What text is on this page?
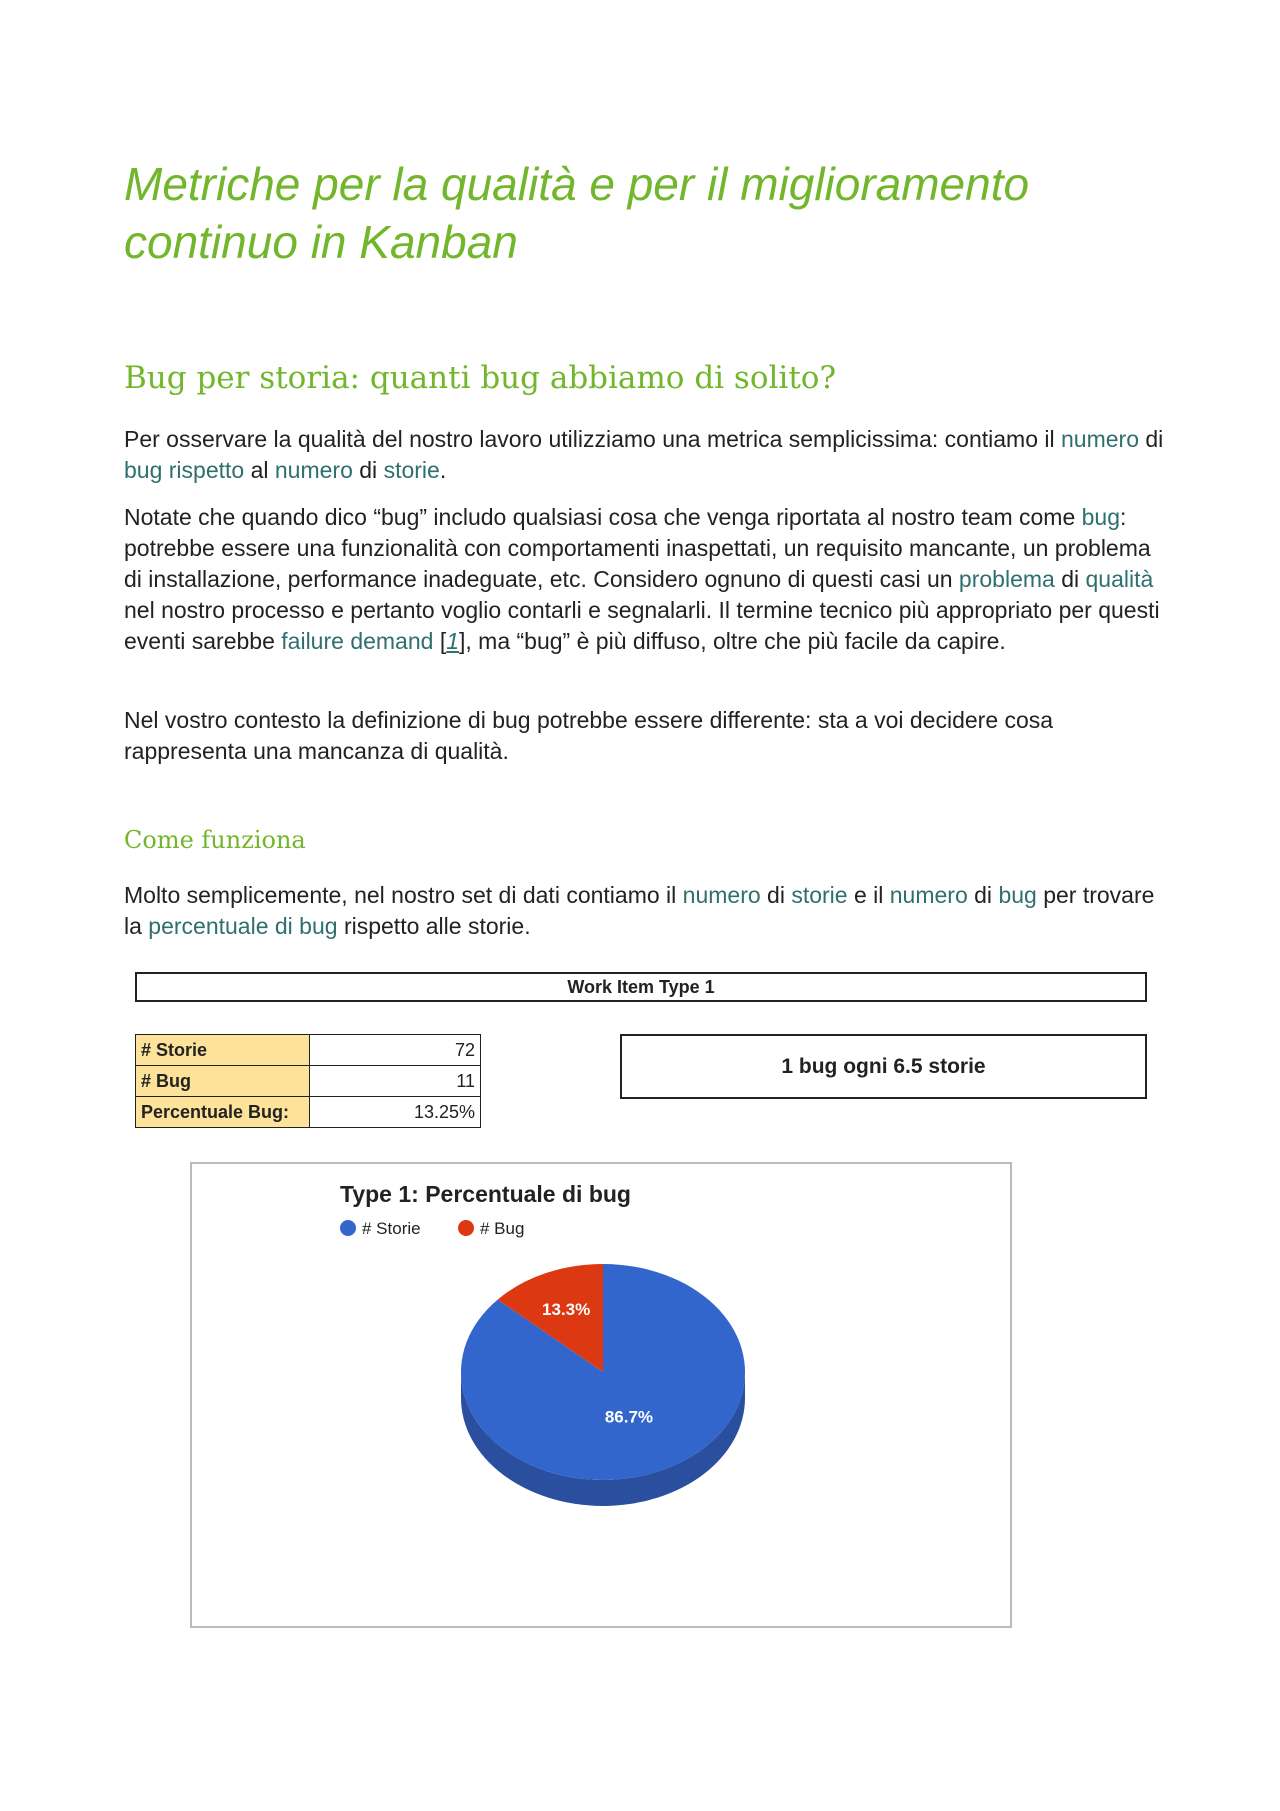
Metriche per la qualità e per il miglioramento continuo in Kanban
Bug per storia: quanti bug abbiamo di solito?

Per osservare la qualità del nostro lavoro utilizziamo una metrica semplicissima: contiamo il numero di bug rispetto al numero di storie.

Notate che quando dico “bug” includo qualsiasi cosa che venga riportata al nostro team come bug: potrebbe essere una funzionalità con comportamenti inaspettati, un requisito mancante, un problema di installazione, performance inadeguate, etc. Considero ognuno di questi casi un problema di qualità nel nostro processo e pertanto voglio contarli e segnalarli. Il termine tecnico più appropriato per questi eventi sarebbe failure demand [1], ma “bug” è più diffuso, oltre che più facile da capire.

Nel vostro contesto la definizione di bug potrebbe essere differente: sta a voi decidere cosa rappresenta una mancanza di qualità.

Come funziona

Molto semplicemente, nel nostro set di dati contiamo il numero di storie e il numero di bug per trovare la percentuale di bug rispetto alle storie.

Work Item Type 1
# Storie	72
# Bug	11
Percentuale Bug:	13.25%
1 bug ogni 6.5 storie
Type 1: Percentuale di bug
# Storie	# Bug
86.7%
13.3%
